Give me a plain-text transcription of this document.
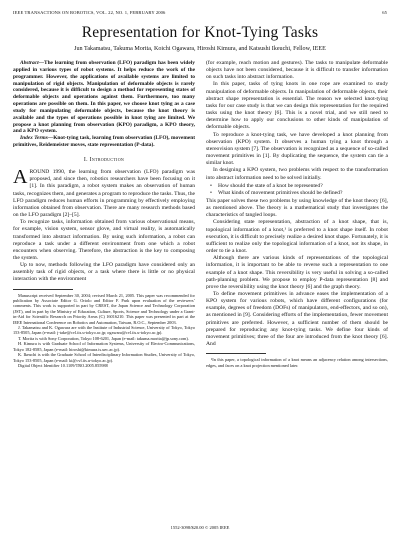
IEEE TRANSACTIONS ON ROBOTICS, VOL. 22, NO. 1, FEBRUARY 2006	65
Representation for Knot-Tying Tasks
Jun Takamatsu, Takuma Morita, Koichi Ogawara, Hiroshi Kimura, and Katsushi Ikeuchi, Fellow, IEEE

Abstract—The learning from observation (LFO) paradigm has been widely applied in various types of robot systems. It helps reduce the work of the programmer. However, the applications of available systems are limited to manipulation of rigid objects. Manipulation of deformable objects is rarely considered, because it is difficult to design a method for representing states of deformable objects and operations against them. Furthermore, too many operations are possible on them. In this paper, we choose knot tying as a case study for manipulating deformable objects, because the knot theory is available and the types of operations possible in knot tying are limited. We propose a knot planning from observation (KPO) paradigm, a KPO theory, and a KPO system.

Index Terms—Knot-tying task, learning from observation (LFO), movement primitives, Reidemeister moves, state representation (P-data).

I. Introduction

AROUND 1990, the learning from observation (LFO) paradigm was proposed, and since then, robotics researchers have been focusing on it [1]. In this paradigm, a robot system makes an observation of human tasks, recognizes them, and generates a program to reproduce the tasks. Thus, the LFO paradigm reduces human efforts in programming by effectively employing information obtained from observation. There are many research methods based on the LFO paradigm [2]–[5].

To recognize tasks, information obtained from various observational means, for example, vision system, sensor glove, and virtual reality, is automatically transformed into abstract information. By using such information, a robot can reproduce a task under a different environment from one which a robot encounters when observing. Therefore, the abstraction is the key to composing the system.

Up to now, methods following the LFO paradigm have considered only an assembly task of rigid objects, or a task where there is little or no physical interaction with the environment

Manuscript received September 30, 2004; revised March 21, 2005. This paper was recommended for publication by Associate Editor G. Oriolo and Editor F. Park upon evaluation of the reviewers’ comments. This work is supported in part by CREST, the Japan Science and Technology Corporation (JST), and in part by the Ministry of Education, Culture, Sports, Science and Technology under a Grant-in-Aid for Scientific Research on Priority Areas (C) 16016210. This paper was presented in part at the IEEE International Conference on Robotics and Automation, Taiwan, R.O.C., September 2003.

J. Takamatsu and K. Ogawara are with the Institute of Industrial Science, University of Tokyo, Tokyo 153-8505, Japan (e-mail: j-take@cvl.iis.u-tokyo.ac.jp; ogawara@cvl.iis.u-tokyo.ac.jp).

T. Morita is with Sony Corporation, Tokyo 108-6201, Japan (e-mail: takuma.morita@jp.sony.com).

H. Kimura is with Graduate School of Information Systems, University of Electro-Communications, Tokyo 182-8585, Japan (e-mail: hiroshi@kimura.is.uec.ac.jp).

K. Ikeuchi is with the Graduate School of Interdisciplinary Information Studies, University of Tokyo, Tokyo 153-8505, Japan (e-mail: ki@cvl.iis.u-tokyo.ac.jp).

Digital Object Identifier 10.1109/TRO.2005.855988

(for example, reach motion and gestures). The tasks to manipulate deformable objects have not been considered, because it is difficult to transfer information on such tasks into abstract information.

In this paper, tasks of tying knots in one rope are examined to study manipulation of deformable objects. In manipulation of deformable objects, their abstract shape representation is essential. The reason we selected knot-tying tasks for our case study is that we can design this representation for the required tasks using the knot theory [6]. This is a novel trial, and we still need to determine how to apply our conclusions to other kinds of manipulation of deformable objects.

To reproduce a knot-tying task, we have developed a knot planning from observation (KPO) system. It observes a human tying a knot through a stereovision system [7]. The observation is recognized as a sequence of so-called movement primitives in [1]. By duplicating the sequence, the system can tie a similar knot.

In designing a KPO system, two problems with respect to the transformation into abstract information need to be solved initially.

• How should the state of a knot be represented?
• What kinds of movement primitives should be defined?

This paper solves these two problems by using knowledge of the knot theory [6], as mentioned above. The theory is a mathematical study that investigates the characteristics of tangled loops.

Considering state representation, abstraction of a knot shape, that is, topological information of a knot,¹ is preferred to a knot shape itself. In robot execution, it is difficult to precisely realize a desired knot shape. Fortunately, it is sufficient to realize only the topological information of a knot, not its shape, in order to tie a knot.

Although there are various kinds of representations of the topological information, it is important to be able to reverse such a representation to one example of a knot shape. This reversibility is very useful in solving a so-called path-planning problem. We propose to employ P-data representation [8] and prove the reversibility using the knot theory [6] and the graph theory.

To define movement primitives in advance eases the implementation of a KPO system for various robots, which have different configurations (for example, degrees of freedom (DOFs) of manipulators, end-effectors, and so on), as mentioned in [9]. Considering efforts of the implementation, fewer movement primitives are preferred. However, a sufficient number of them should be prepared for reproducing any knot-tying tasks. We define four kinds of movement primitives; three of the four are introduced from the knot theory [6]. And

¹In this paper, a topological information of a knot means an adjacency relation among intersections, edges, and faces on a knot projection mentioned later.

1552-3098/$20.00 © 2005 IEEE
